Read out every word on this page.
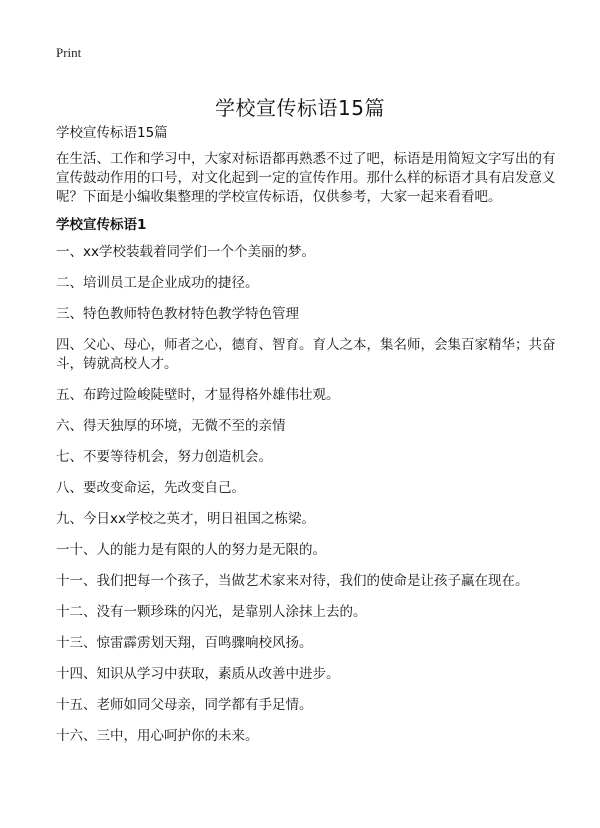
Print
学校宣传标语15篇
学校宣传标语15篇

在生活、工作和学习中，大家对标语都再熟悉不过了吧，标语是用简短文字写出的有宣传鼓动作用的口号，对文化起到一定的宣传作用。那什么样的标语才具有启发意义呢？下面是小编收集整理的学校宣传标语，仅供参考，大家一起来看看吧。

学校宣传标语1
一、xx学校装载着同学们一个个美丽的梦。
二、培训员工是企业成功的捷径。
三、特色教师特色教材特色教学特色管理
四、父心、母心，师者之心，德育、智育。育人之本，集名师，会集百家精华；共奋斗，铸就高校人才。
五、布跨过险峻陡壁时，才显得格外雄伟壮观。
六、得天独厚的环境，无微不至的亲情
七、不要等待机会，努力创造机会。
八、要改变命运，先改变自己。
九、今日xx学校之英才，明日祖国之栋梁。
一十、人的能力是有限的人的努力是无限的。
十一、我们把每一个孩子，当做艺术家来对待，我们的使命是让孩子赢在现在。
十二、没有一颗珍珠的闪光，是靠别人涂抹上去的。
十三、惊雷霹雳划天翔，百鸣骤响校风扬。
十四、知识从学习中获取，素质从改善中进步。
十五、老师如同父母亲，同学都有手足情。
十六、三中，用心呵护你的未来。
